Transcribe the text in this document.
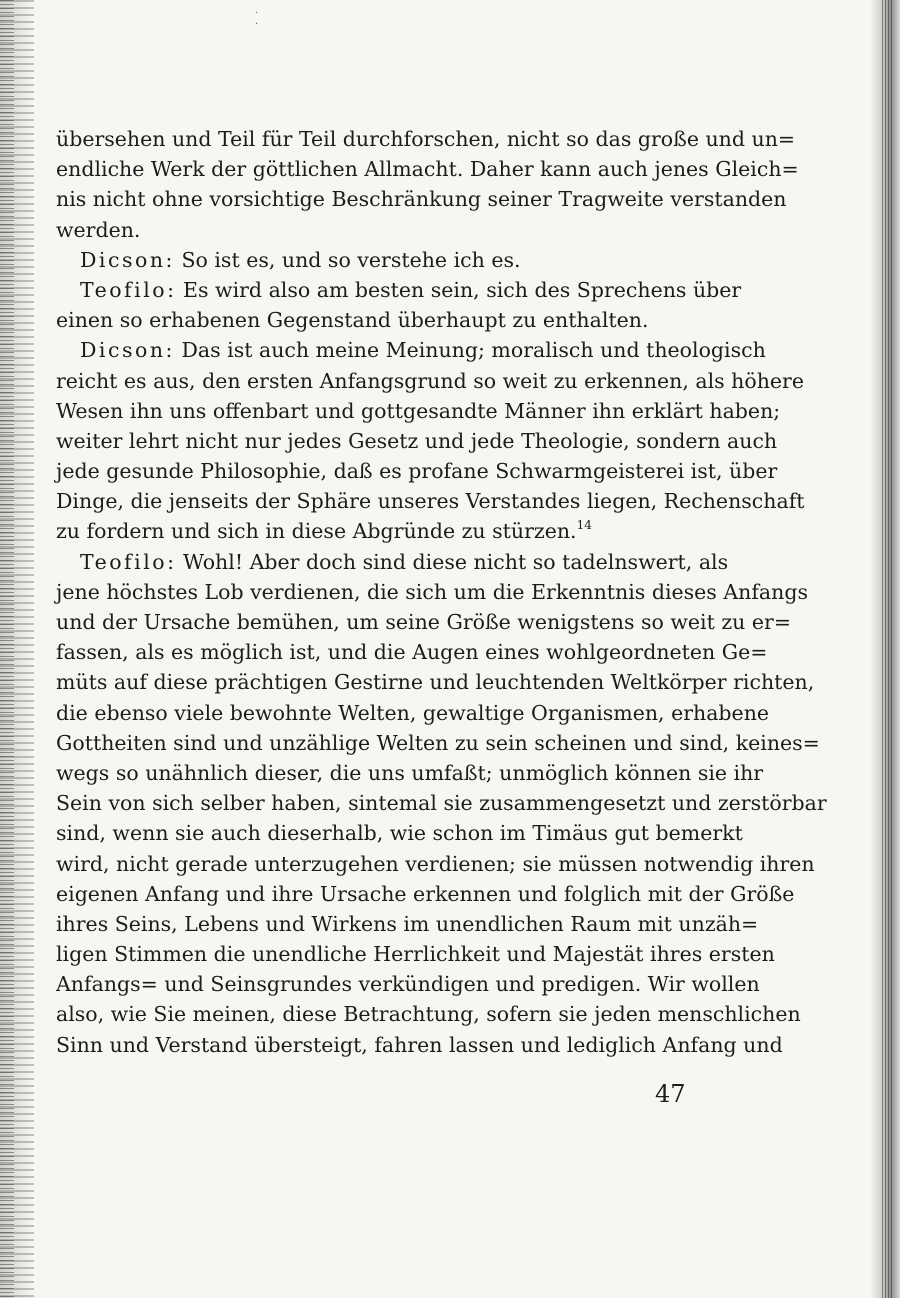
· ·
übersehen und Teil für Teil durchforschen, nicht so das große und un=
endliche Werk der göttlichen Allmacht. Daher kann auch jenes Gleich=
nis nicht ohne vorsichtige Beschränkung seiner Tragweite verstanden
werden.
Dicson: So ist es, und so verstehe ich es.
Teofilo: Es wird also am besten sein, sich des Sprechens über
einen so erhabenen Gegenstand überhaupt zu enthalten.
Dicson: Das ist auch meine Meinung; moralisch und theologisch
reicht es aus, den ersten Anfangsgrund so weit zu erkennen, als höhere
Wesen ihn uns offenbart und gottgesandte Männer ihn erklärt haben;
weiter lehrt nicht nur jedes Gesetz und jede Theologie, sondern auch
jede gesunde Philosophie, daß es profane Schwarmgeisterei ist, über
Dinge, die jenseits der Sphäre unseres Verstandes liegen, Rechenschaft
zu fordern und sich in diese Abgründe zu stürzen.$^{14}$
Teofilo: Wohl! Aber doch sind diese nicht so tadelnswert, als
jene höchstes Lob verdienen, die sich um die Erkenntnis dieses Anfangs
und der Ursache bemühen, um seine Größe wenigstens so weit zu er=
fassen, als es möglich ist, und die Augen eines wohlgeordneten Ge=
müts auf diese prächtigen Gestirne und leuchtenden Weltkörper richten,
die ebenso viele bewohnte Welten, gewaltige Organismen, erhabene
Gottheiten sind und unzählige Welten zu sein scheinen und sind, keines=
wegs so unähnlich dieser, die uns umfaßt; unmöglich können sie ihr
Sein von sich selber haben, sintemal sie zusammengesetzt und zerstörbar
sind, wenn sie auch dieserhalb, wie schon im Timäus gut bemerkt
wird, nicht gerade unterzugehen verdienen; sie müssen notwendig ihren
eigenen Anfang und ihre Ursache erkennen und folglich mit der Größe
ihres Seins, Lebens und Wirkens im unendlichen Raum mit unzäh=
ligen Stimmen die unendliche Herrlichkeit und Majestät ihres ersten
Anfangs= und Seinsgrundes verkündigen und predigen. Wir wollen
also, wie Sie meinen, diese Betrachtung, sofern sie jeden menschlichen
Sinn und Verstand übersteigt, fahren lassen und lediglich Anfang und
47
